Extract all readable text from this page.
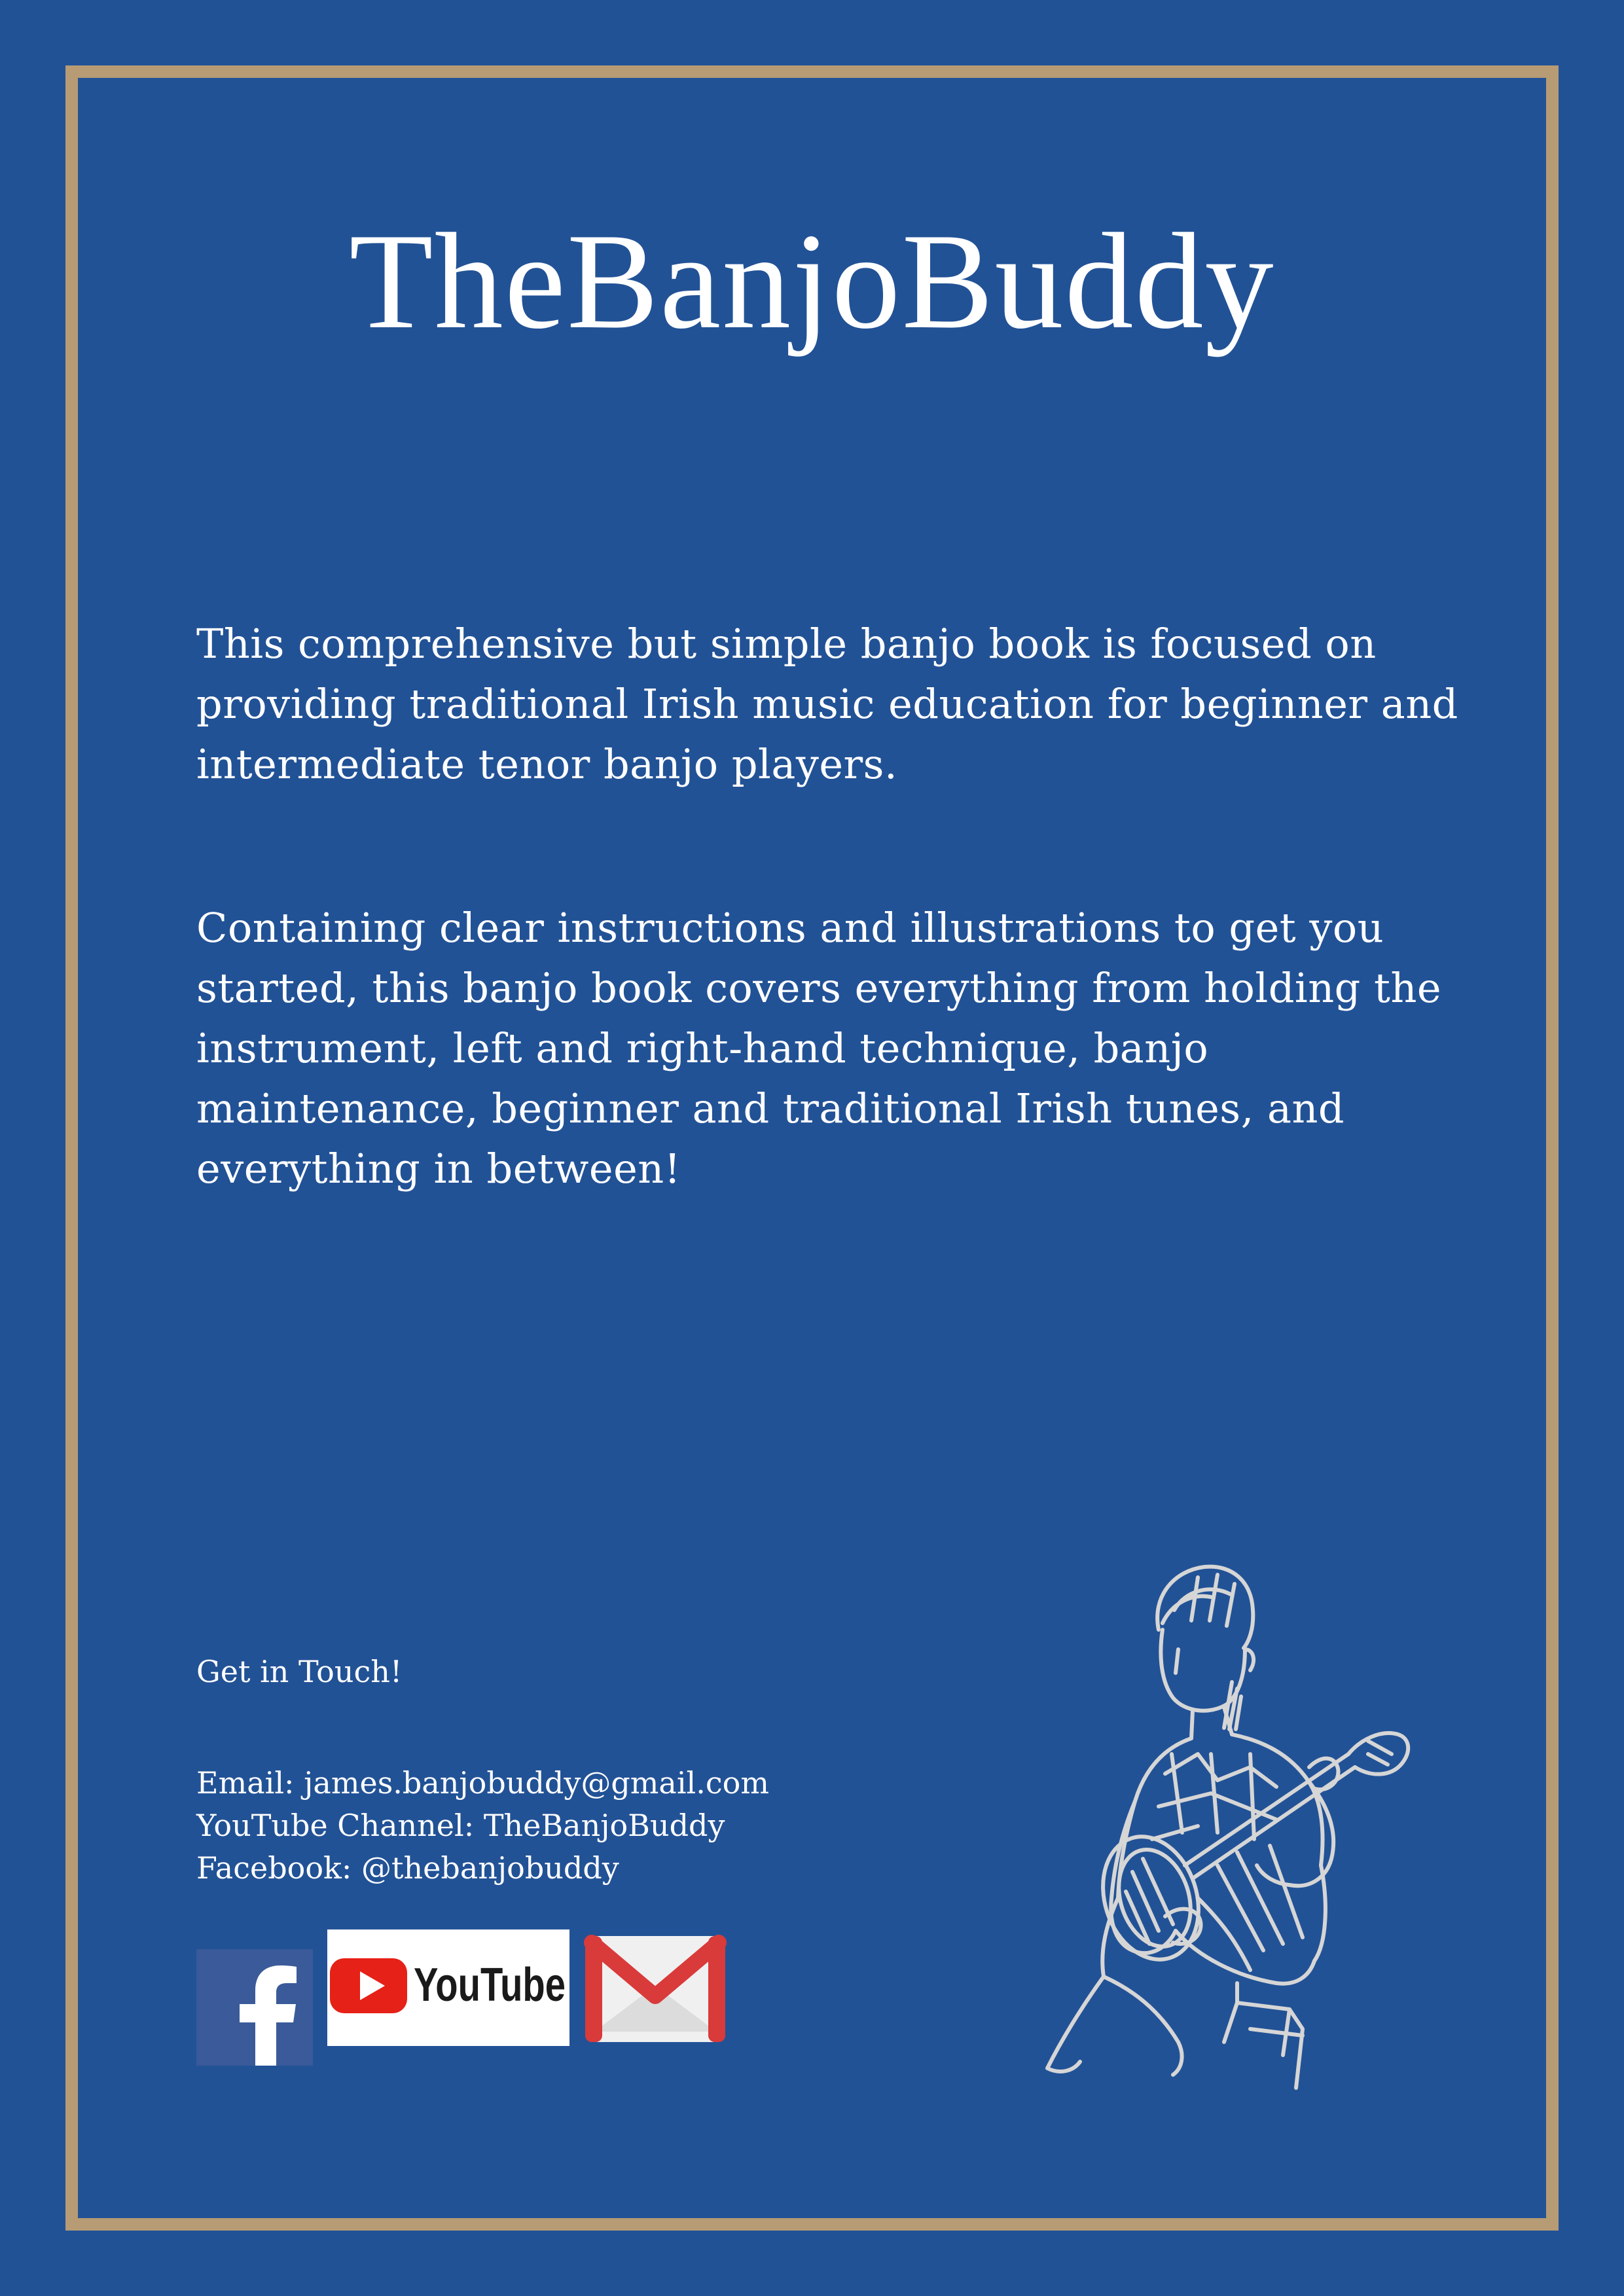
TheBanjoBuddy

This comprehensive but simple banjo book is focused on providing traditional Irish music education for beginner and intermediate tenor banjo players.

Containing clear instructions and illustrations to get you started, this banjo book covers everything from holding the instrument, left and right-hand technique, banjo maintenance, beginner and traditional Irish tunes, and everything in between!

Get in Touch!

Email: james.banjobuddy@gmail.com
YouTube Channel: TheBanjoBuddy
Facebook: @thebanjobuddy
YouTube
